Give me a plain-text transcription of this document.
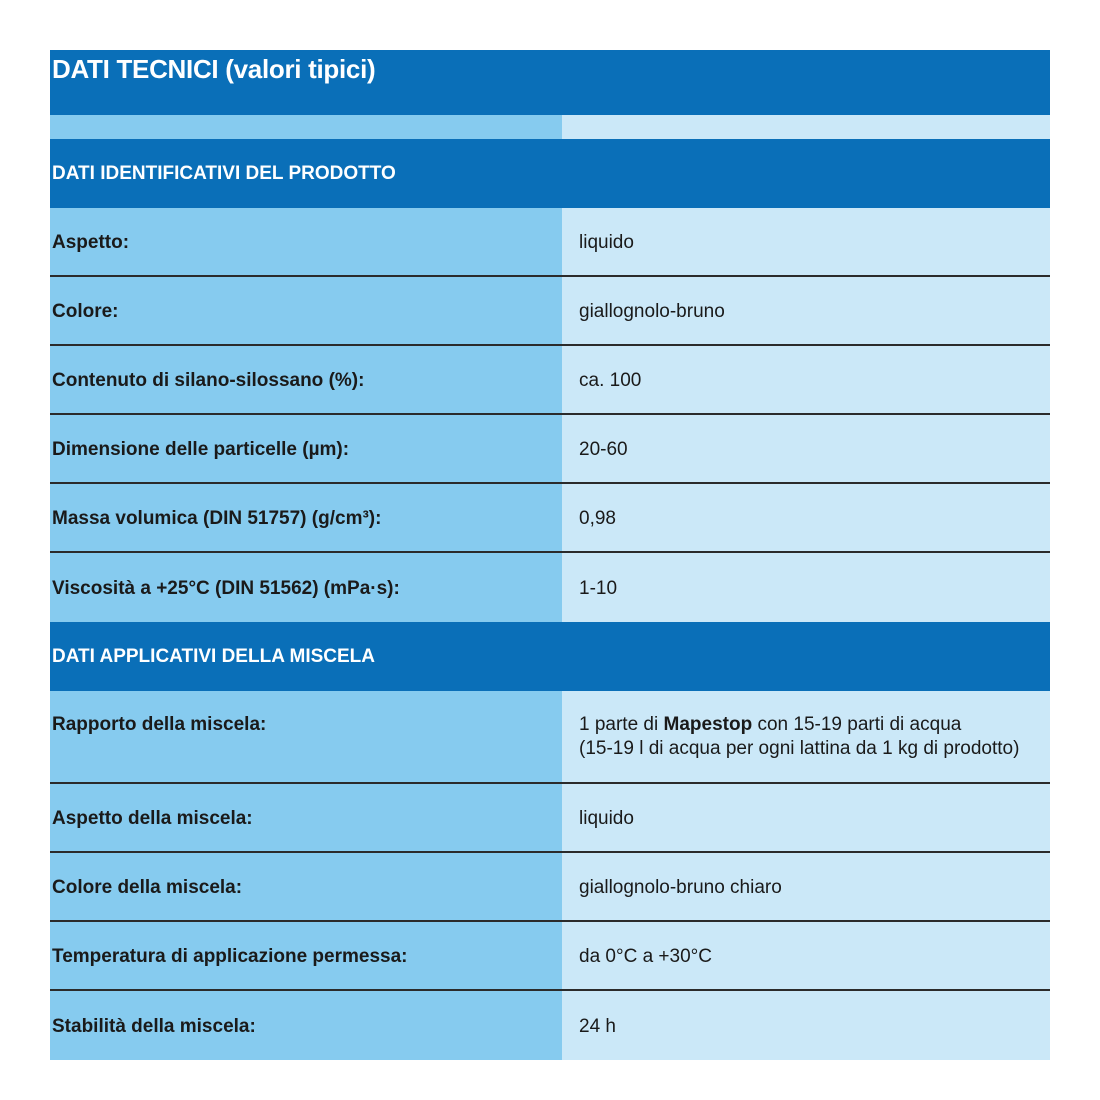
DATI TECNICI (valori tipici)
DATI IDENTIFICATIVI DEL PRODOTTO
Aspetto:	liquido
Colore:	giallognolo-bruno
Contenuto di silano-silossano (%):	ca. 100
Dimensione delle particelle (µm):	20-60
Massa volumica (DIN 51757) (g/cm³):	0,98
Viscosità a +25°C (DIN 51562) (mPa·s):	1-10
DATI APPLICATIVI DELLA MISCELA
Rapporto della miscela:	1 parte di Mapestop con 15-19 parti di acqua
(15-19 l di acqua per ogni lattina da 1 kg di prodotto)
Aspetto della miscela:	liquido
Colore della miscela:	giallognolo-bruno chiaro
Temperatura di applicazione permessa:	da 0°C a +30°C
Stabilità della miscela:	24 h
